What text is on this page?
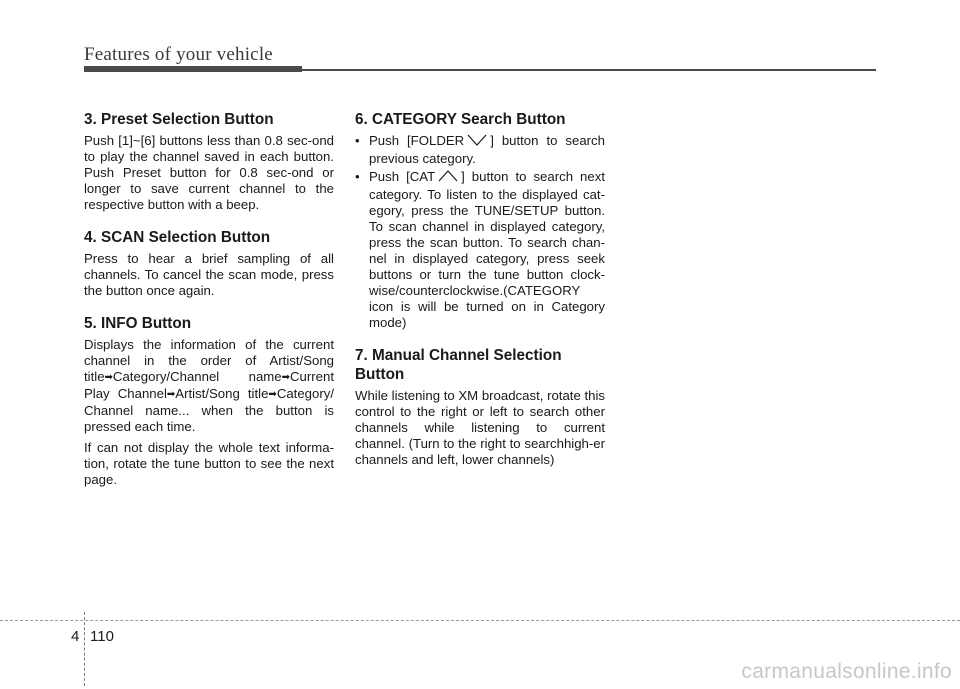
Features of your vehicle
3. Preset Selection Button

Push [1]~[6] buttons less than 0.8 sec-ond to play the channel saved in each button. Push Preset button for 0.8 sec-ond or longer to save current channel to the respective button with a beep.

4. SCAN Selection Button

Press to hear a brief sampling of all channels. To cancel the scan mode, press the button once again.

5. INFO Button

Displays the information of the current channel in the order of Artist/Song title➡Category/Channel name➡Current Play Channel➡Artist/Song title➡Category/ Channel name... when the button is pressed each time.

If can not display the whole text informa-tion, rotate the tune button to see the next page.

6. CATEGORY Search Button
• Push [FOLDER ] button to search previous category.
• Push [CAT ] button to search next category. To listen to the displayed cat-egory, press the TUNE/SETUP button. To scan channel in displayed category, press the scan button. To search chan-nel in displayed category, press seek buttons or turn the tune button clock-wise/counterclockwise.(CATEGORY icon is will be turned on in Category mode)
7. Manual Channel Selection Button

While listening to XM broadcast, rotate this control to the right or left to search other channels while listening to current channel. (Turn to the right to searchhigh-er channels and left, lower channels)

4 110
carmanualsonline.info
